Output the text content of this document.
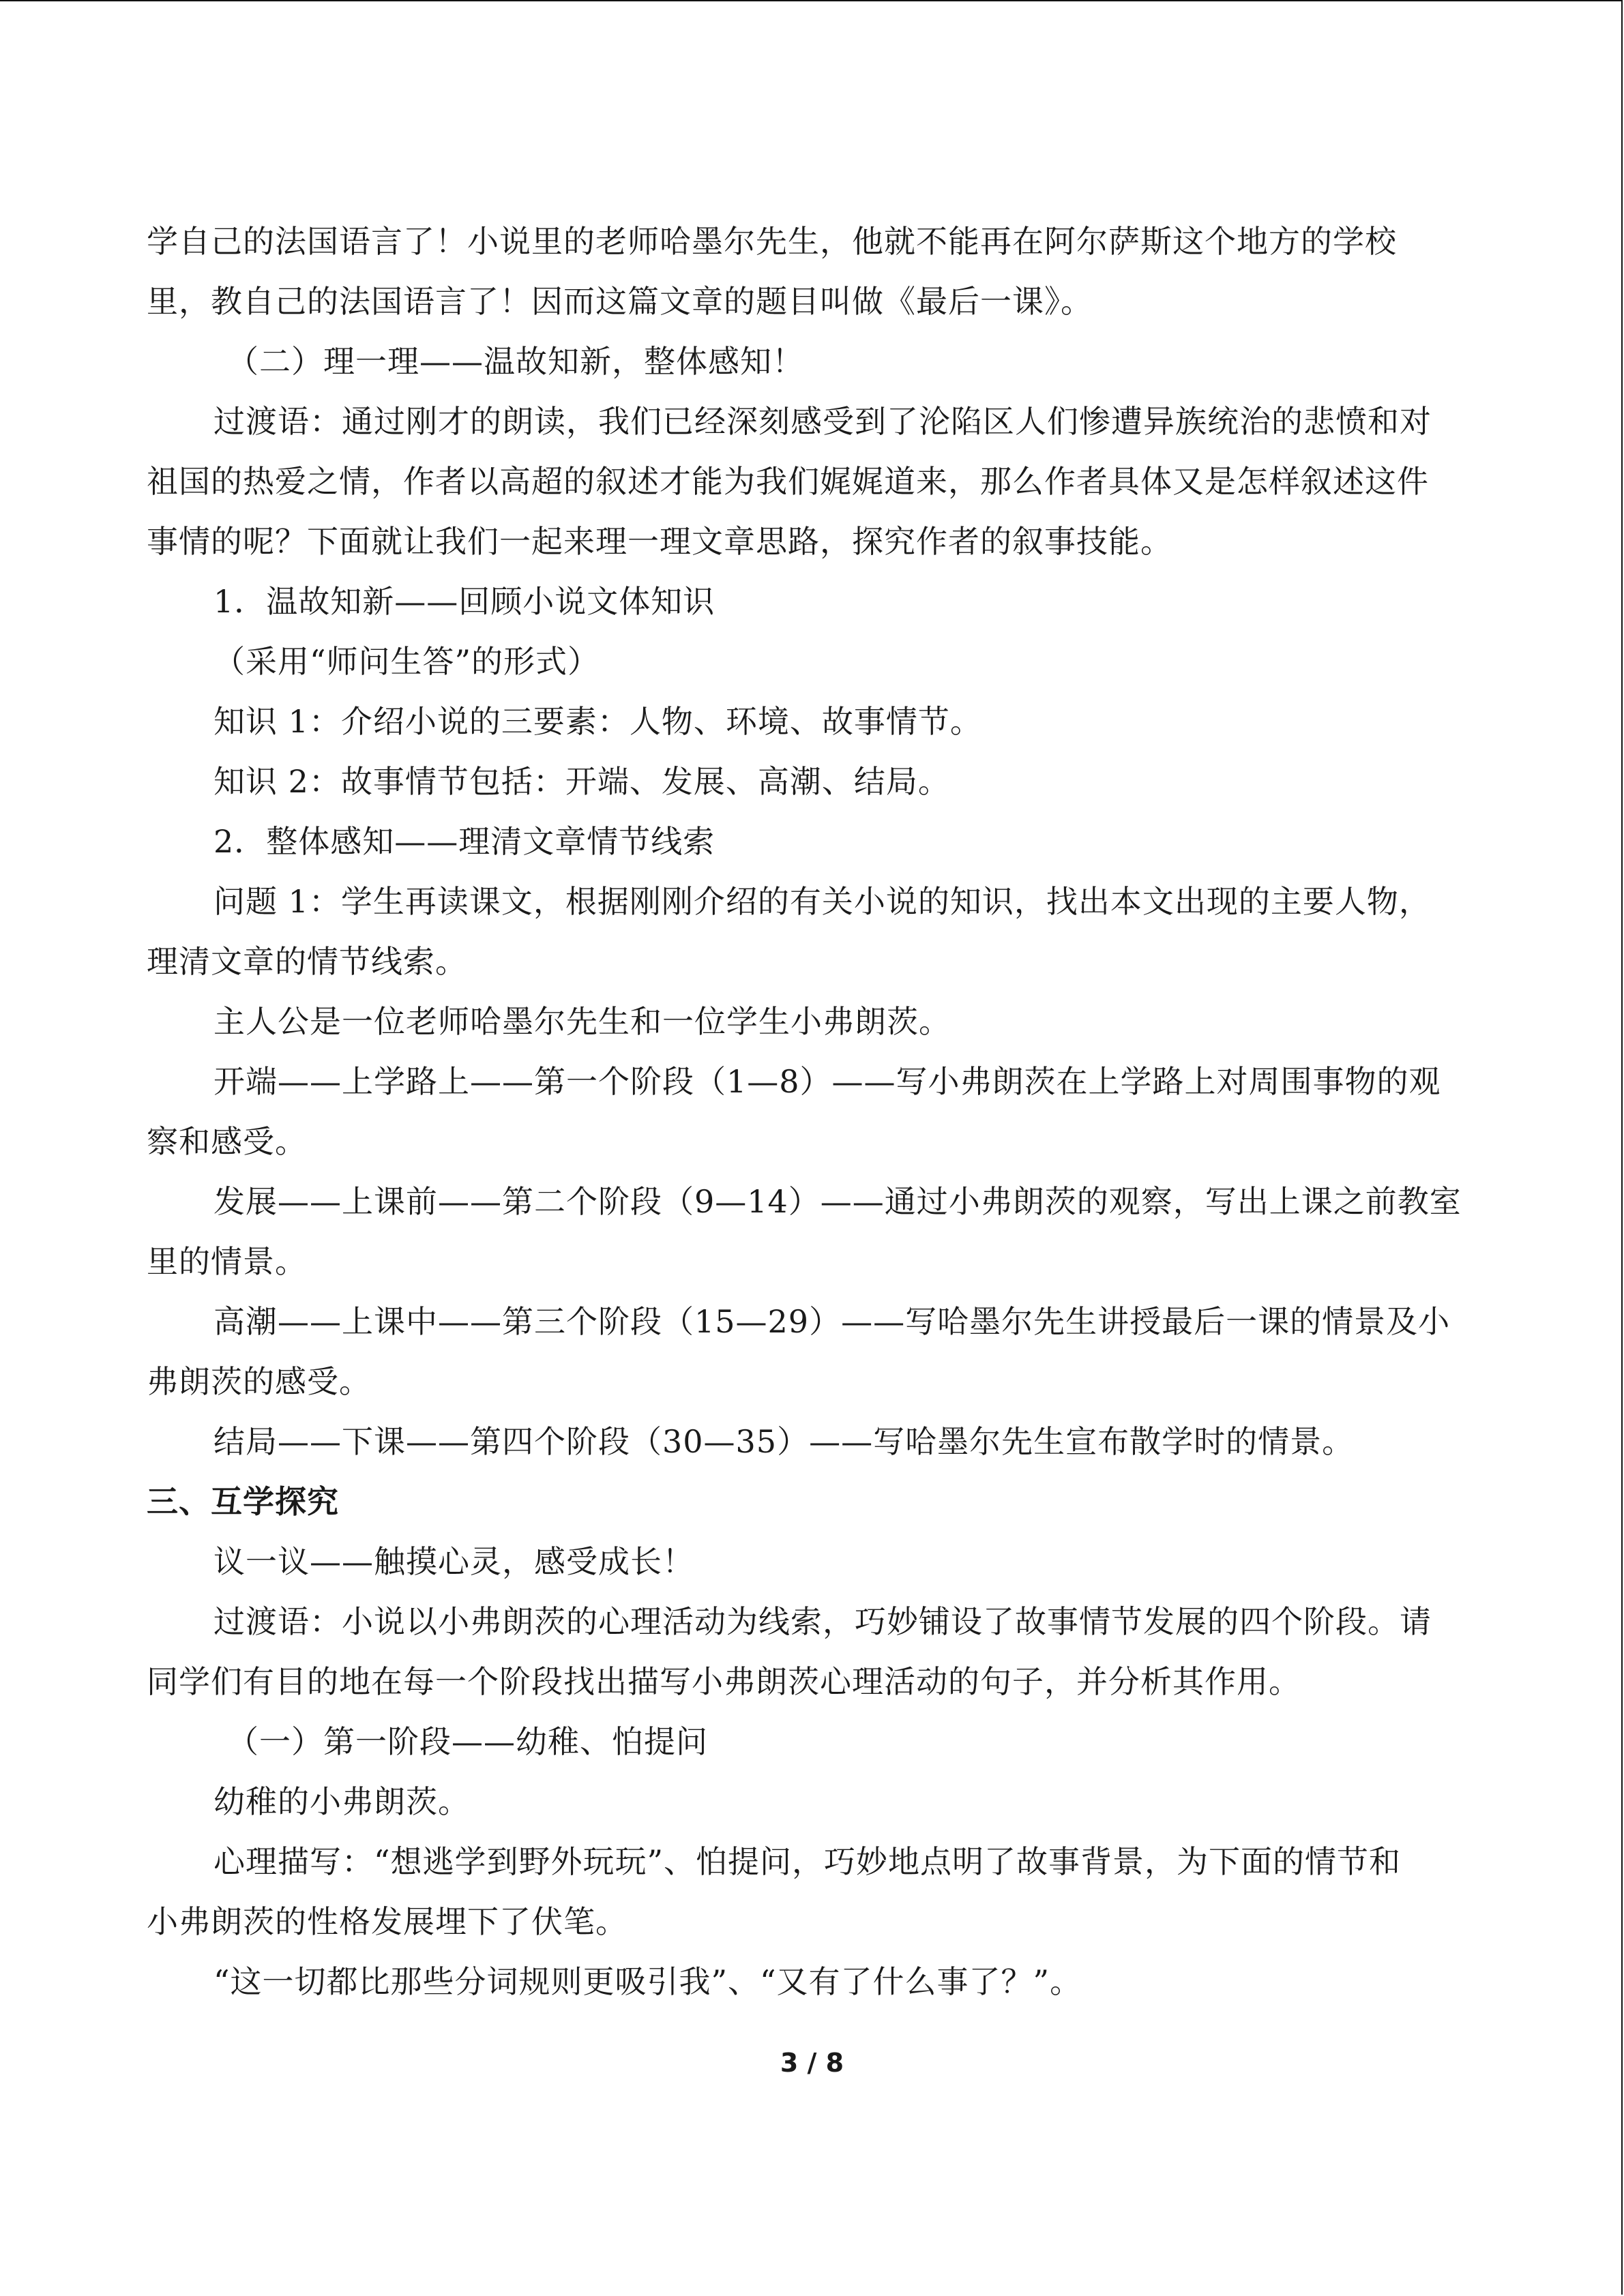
学自己的法国语言了！小说里的老师哈墨尔先生，他就不能再在阿尔萨斯这个地方的学校

里，教自己的法国语言了！因而这篇文章的题目叫做《最后一课》。

（二）理一理——温故知新，整体感知！

过渡语：通过刚才的朗读，我们已经深刻感受到了沦陷区人们惨遭异族统治的悲愤和对

祖国的热爱之情，作者以高超的叙述才能为我们娓娓道来，那么作者具体又是怎样叙述这件

事情的呢？下面就让我们一起来理一理文章思路，探究作者的叙事技能。

1．温故知新——回顾小说文体知识

（采用“师问生答”的形式）

知识 1：介绍小说的三要素：人物、环境、故事情节。

知识 2：故事情节包括：开端、发展、高潮、结局。

2．整体感知——理清文章情节线索

问题 1：学生再读课文，根据刚刚介绍的有关小说的知识，找出本文出现的主要人物，

理清文章的情节线索。

主人公是一位老师哈墨尔先生和一位学生小弗朗茨。

开端——上学路上——第一个阶段（1—8）——写小弗朗茨在上学路上对周围事物的观

察和感受。

发展——上课前——第二个阶段（9—14）——通过小弗朗茨的观察，写出上课之前教室

里的情景。

高潮——上课中——第三个阶段（15—29）——写哈墨尔先生讲授最后一课的情景及小

弗朗茨的感受。

结局——下课——第四个阶段（30—35）——写哈墨尔先生宣布散学时的情景。

三、互学探究

议一议——触摸心灵，感受成长！

过渡语：小说以小弗朗茨的心理活动为线索，巧妙铺设了故事情节发展的四个阶段。请

同学们有目的地在每一个阶段找出描写小弗朗茨心理活动的句子，并分析其作用。

（一）第一阶段——幼稚、怕提问

幼稚的小弗朗茨。

心理描写：“想逃学到野外玩玩”、怕提问，巧妙地点明了故事背景，为下面的情节和

小弗朗茨的性格发展埋下了伏笔。

“这一切都比那些分词规则更吸引我”、“又有了什么事了？”。

3 / 8
